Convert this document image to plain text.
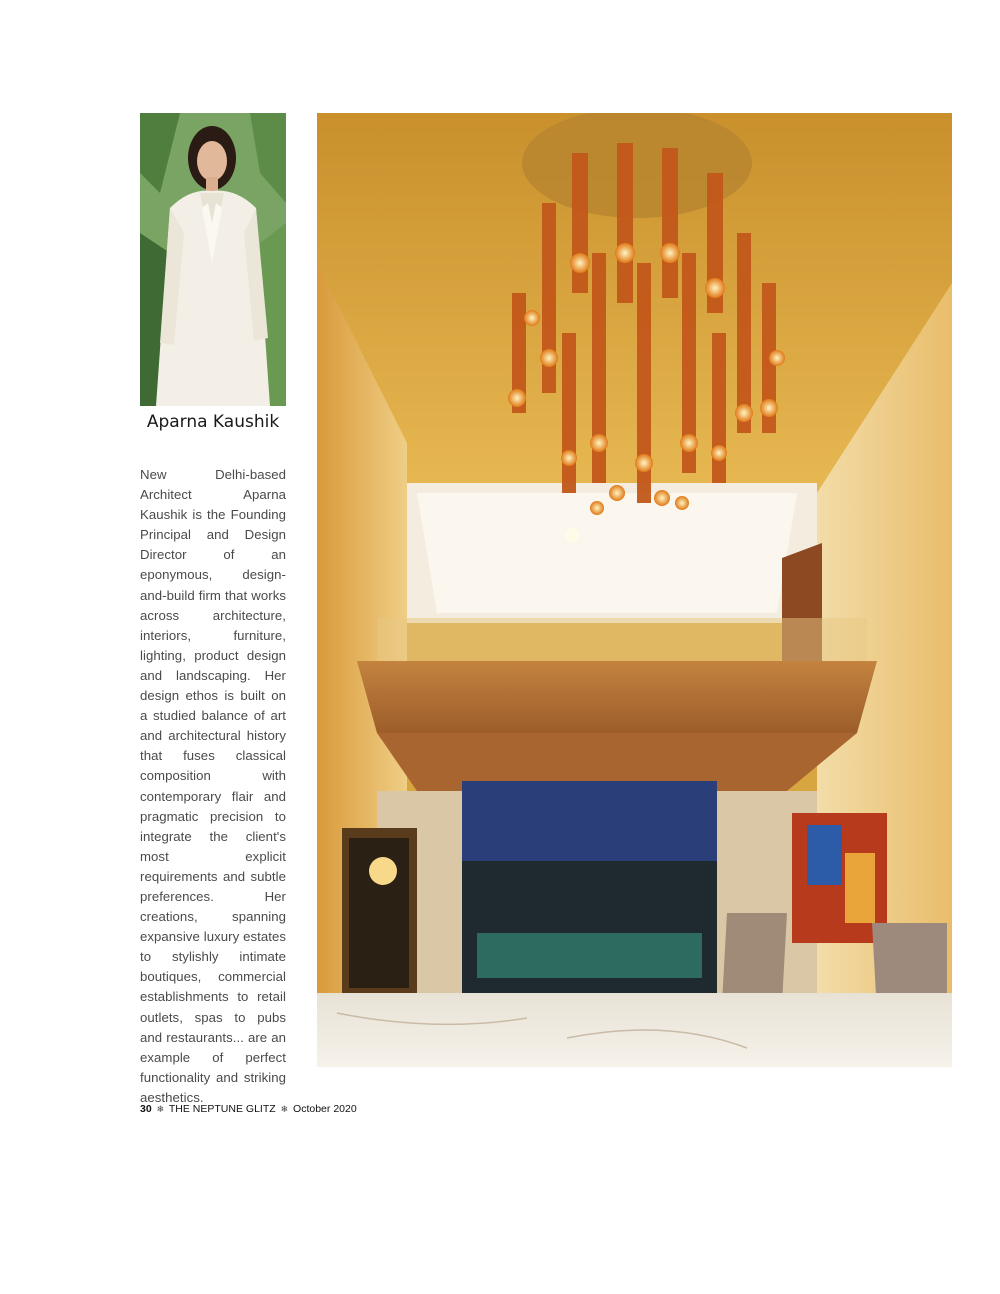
Aparna Kaushik
New Delhi-based Architect Aparna Kaushik is the Founding Principal and Design Director of an eponymous, design-and-build firm that works across architecture, interiors, furniture, lighting, product design and landscaping. Her design ethos is built on a studied balance of art and architectural history that fuses classical composition with contemporary flair and pragmatic precision to integrate the client's most explicit requirements and subtle preferences. Her creations, spanning expansive luxury estates to stylishly intimate boutiques, commercial establishments to retail outlets, spas to pubs and restaurants... are an example of perfect functionality and striking aesthetics.
30 ❄ THE NEPTUNE GLITZ ❄ October 2020
